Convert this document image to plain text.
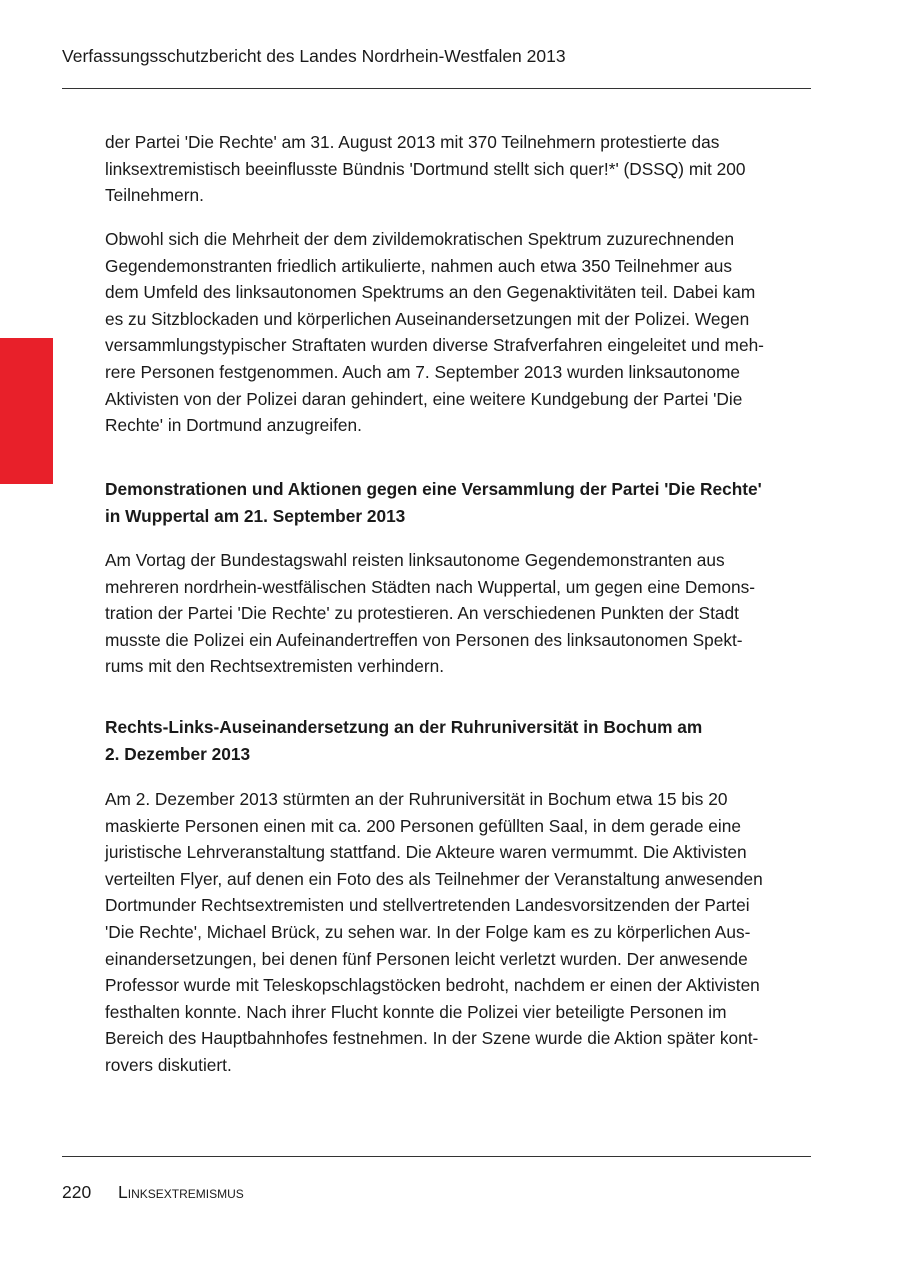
Verfassungsschutzbericht des Landes Nordrhein-Westfalen 2013
der Partei 'Die Rechte' am 31. August 2013 mit 370 Teilnehmern protestierte das
linksextremistisch beeinflusste Bündnis 'Dortmund stellt sich quer!*' (DSSQ) mit 200
Teilnehmern.
Obwohl sich die Mehrheit der dem zivildemokratischen Spektrum zuzurechnenden
Gegendemonstranten friedlich artikulierte, nahmen auch etwa 350 Teilnehmer aus
dem Umfeld des linksautonomen Spektrums an den Gegenaktivitäten teil. Dabei kam
es zu Sitzblockaden und körperlichen Auseinandersetzungen mit der Polizei. Wegen
versammlungstypischer Straftaten wurden diverse Strafverfahren eingeleitet und meh-
rere Personen festgenommen. Auch am 7. September 2013 wurden linksautonome
Aktivisten von der Polizei daran gehindert, eine weitere Kundgebung der Partei 'Die
Rechte' in Dortmund anzugreifen.
Demonstrationen und Aktionen gegen eine Versammlung der Partei 'Die Rechte'
in Wuppertal am 21. September 2013
Am Vortag der Bundestagswahl reisten linksautonome Gegendemonstranten aus
mehreren nordrhein-westfälischen Städten nach Wuppertal, um gegen eine Demons-
tration der Partei 'Die Rechte' zu protestieren. An verschiedenen Punkten der Stadt
musste die Polizei ein Aufeinandertreffen von Personen des linksautonomen Spekt-
rums mit den Rechtsextremisten verhindern.
Rechts-Links-Auseinandersetzung an der Ruhruniversität in Bochum am
2. Dezember 2013
Am 2. Dezember 2013 stürmten an der Ruhruniversität in Bochum etwa 15 bis 20
maskierte Personen einen mit ca. 200 Personen gefüllten Saal, in dem gerade eine
juristische Lehrveranstaltung stattfand. Die Akteure waren vermummt. Die Aktivisten
verteilten Flyer, auf denen ein Foto des als Teilnehmer der Veranstaltung anwesenden
Dortmunder Rechtsextremisten und stellvertretenden Landesvorsitzenden der Partei
'Die Rechte', Michael Brück, zu sehen war. In der Folge kam es zu körperlichen Aus-
einandersetzungen, bei denen fünf Personen leicht verletzt wurden. Der anwesende
Professor wurde mit Teleskopschlagstöcken bedroht, nachdem er einen der Aktivisten
festhalten konnte. Nach ihrer Flucht konnte die Polizei vier beteiligte Personen im
Bereich des Hauptbahnhofes festnehmen. In der Szene wurde die Aktion später kont-
rovers diskutiert.
220 Linksextremismus
